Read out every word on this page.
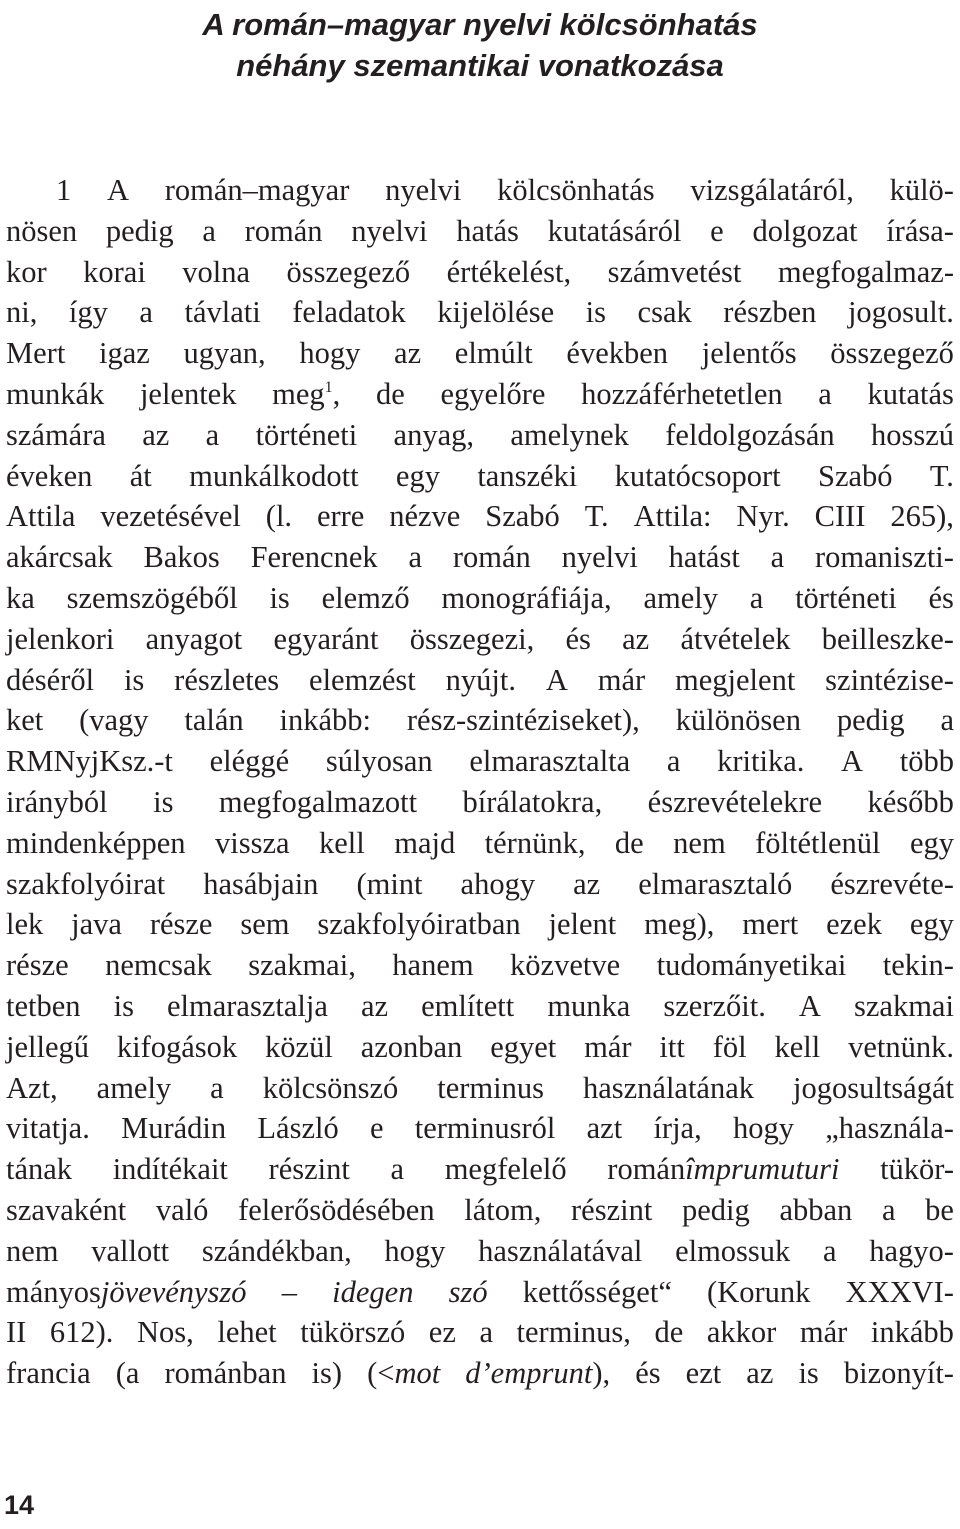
A román–magyar nyelvi kölcsönhatás
néhány szemantikai vonatkozása
1 A román–magyar nyelvi kölcsönhatás vizsgálatáról, külö-
nösen pedig a román nyelvi hatás kutatásáról e dolgozat írása-
kor korai volna összegező értékelést, számvetést megfogalmaz-
ni, így a távlati feladatok kijelölése is csak részben jogosult.
Mert igaz ugyan, hogy az elmúlt években jelentős összegező
munkák jelentek meg$^1$, de egyelőre hozzáférhetetlen a kutatás
számára az a történeti anyag, amelynek feldolgozásán hosszú
éveken át munkálkodott egy tanszéki kutatócsoport Szabó T.
Attila vezetésével (l. erre nézve Szabó T. Attila: Nyr. CIII 265),
akárcsak Bakos Ferencnek a román nyelvi hatást a romaniszti-
ka szemszögéből is elemző monográfiája, amely a történeti és
jelenkori anyagot egyaránt összegezi, és az átvételek beilleszke-
déséről is részletes elemzést nyújt. A már megjelent szintézise-
ket (vagy talán inkább: rész-szintéziseket), különösen pedig a
RMNyjKsz.-t eléggé súlyosan elmarasztalta a kritika. A több
irányból is megfogalmazott bírálatokra, észrevételekre később
mindenképpen vissza kell majd térnünk, de nem föltétlenül egy
szakfolyóirat hasábjain (mint ahogy az elmarasztaló észrevéte-
lek java része sem szakfolyóiratban jelent meg), mert ezek egy
része nemcsak szakmai, hanem közvetve tudományetikai tekin-
tetben is elmarasztalja az említett munka szerzőit. A szakmai
jellegű kifogások közül azonban egyet már itt föl kell vetnünk.
Azt, amely a kölcsönszó terminus használatának jogosultságát
vitatja. Murádin László e terminusról azt írja, hogy „használa-
tának indítékait részint a megfelelő románîmprumuturi tükör-
szavaként való felerősödésében látom, részint pedig abban a be
nem vallott szándékban, hogy használatával elmossuk a hagyo-
mányosjövevényszó – idegen szó kettősséget“ (Korunk XXXVI-
II 612). Nos, lehet tükörszó ez a terminus, de akkor már inkább
francia (a románban is) (<mot d’emprunt), és ezt az is bizonyít-
14
